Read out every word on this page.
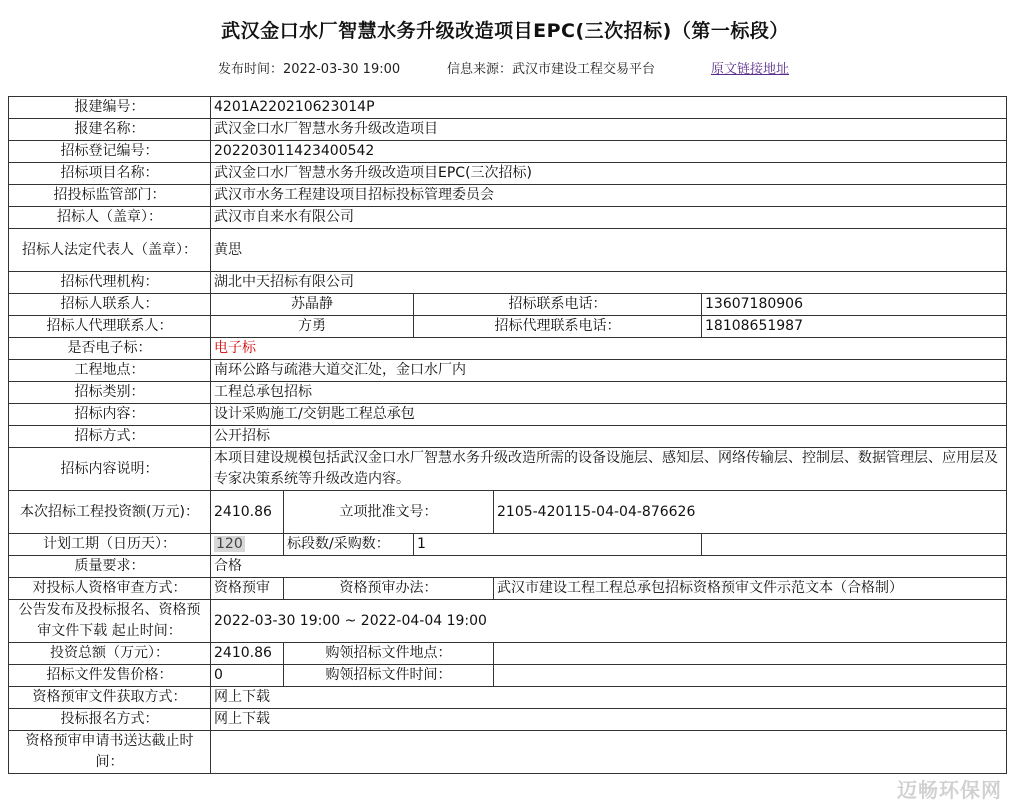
武汉金口水厂智慧水务升级改造项目EPC(三次招标)（第一标段）
发布时间：2022-03-30 19:00	信息来源：武汉市建设工程交易平台	原文链接地址
报建编号：	4201A220210623014P				
报建名称：	武汉金口水厂智慧水务升级改造项目				
招标登记编号：	20220301142340054​2				
招标项目名称：	武汉金口水厂智慧水务升级改造项目EPC(三次招标)				
招投标监管部门：	武汉市水务工程建设项目招标投标管理委员会				
招标人（盖章）：	武汉市自来水有限公司				
招标人法定代表人（盖章）：	黄思				
招标代理机构：	湖北中天招标有限公司				
招标人联系人：	苏晶静		招标联系电话：		13607180906
招标人代理联系人：	方勇		招标代理联系电话：		18108651987
是否电子标：	电子标				
工程地点：	南环公路与疏港大道交汇处，金口水厂内				
招标类别：	工程总承包招标				
招标内容：	设计采购施工/交钥匙工程总承包				
招标方式：	公开招标				
招标内容说明：	本项目建设规模包括武汉金口水厂智慧水务升级改造所需的设备设施层、感知层、网络传输层、控制层、数据管理层、应用层及专家决策系统等升级改造内容。				
本次招标工程投资额(万元)：	2410.86	立项批准文号：		2105-420115-04-04-876626	
计划工期（日历天）：	120	标段数/采购数：	1		
质量要求：	合格				
对投标人资格审查方式：	资格预审	资格预审办法：		武汉市建设工程工程总承包招标资格预审文件示范文本（合格制）	
公告发布及投标报名、资格预审文件下载 起止时间：	2022-03-30 19:00 ~ 2022-04-04 19:00				
投资总额（万元）：	2410.86	购领招标文件地点：			
招标文件发售价格：	0	购领招标文件时间：			
资格预审文件获取方式：	网上下载				
投标报名方式：	网上下载				
资格预审申请书送达截止时间：					
迈畅环保网
